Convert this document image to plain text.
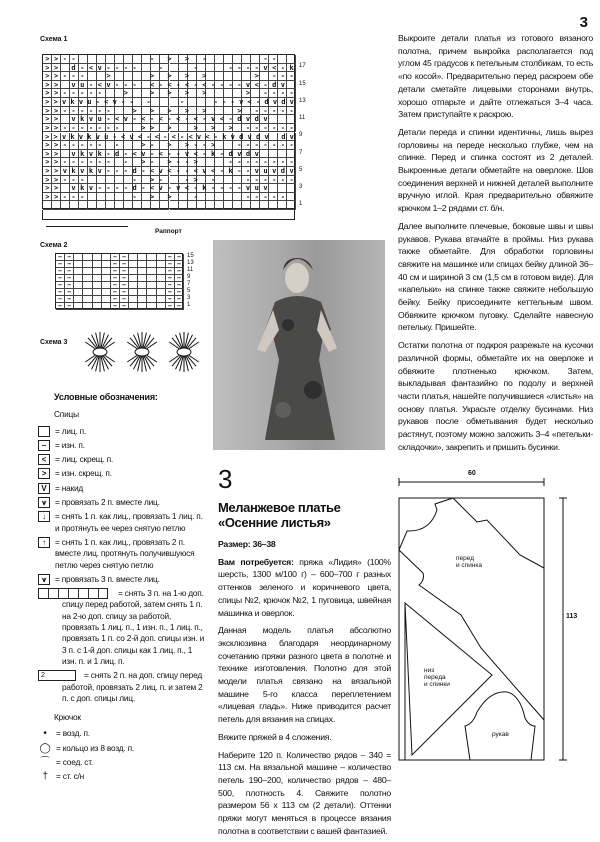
3
Схема 1
>>--        - > > -      --
>> d-<v----  -   -   ----v<-k
>>---  >    > > > >     > ---
>> vu-<v--- <-<-<-<----v<-dv
>>-----  >  > > > >    > ----
>>vkvu-<v-- -   -   ---v<-dvdv
>>------  > > > > >   > -----
>> vkvu-<v-<-<-<-<-v<-dvdv
>>-------  >> >  > > > ------
>>vkvkvu-<v<-<-<-<v<-kvdvdv dv
>>----- -  >- > >-->  -------
>> vkvk-d-<v-<--v<-k-dvdv
>>------ - >- >-->   --------
>>vkvkv---d-<v<--<v<-k--vuvdv
>>---     - >-  -> -   ------
>> vkv----d-<v-v<-k----vuv
>>---     - > >  -     -----

17
15
13
11
9
7
5
3
1
Раппорт
Схема 2
– –	– –	– –
– –	– –	– –
– –	– –	– –
– –	– –	– –
– –	– –	– –
– –	– –	– –
– –	– –	– –
– –	– –	– –
15
13
11
9
7
5
3
1
Схема 3
Условные обозначения:
Спицы
= лиц. п.
–	= изн. п.
<	= лиц. скрещ. п.
>	= изн. скрещ. п.
V	= накид
⩛	= провязать 2 п. вместе лиц.
↓	= снять 1 п. как лиц., провязать 1 лиц. п. и протянуть ее через снятую петлю
↑	= снять 1 п. как лиц., провязать 2 п. вместе лиц. протянуть получившуюся петлю через снятую петлю
⩛	= провязать 3 п. вместе лиц.
= снять 3 п. на 1-ю доп. спицу перед работой, затем снять 1 п. на 2-ю доп. спицу за работой, провязать 1 лиц. п., 1 изн. п., 1 лиц. п., провязать 1 п. со 2-й доп. спицы изн. и 3 п. с 1-й доп. спицы как 1 лиц. п., 1 изн. п. и 1 лиц. п.
2	= снять 2 п. на доп. спицу перед работой, провязать 2 лиц. п. и затем 2 п. с доп. спицы лиц.
Крючок
•	= возд. п.
◯ = кольцо из 8 возд. п.
⌒ = соед. ст.
†	= ст. с/н
3
Меланжевое платье
«Осенние листья»

Размер: 36–38

Вам потребуется: пряжа «Лидия» (100% шерсть, 1300 м/100 г) – 600–700 г разных оттенков зеленого и коричневого цвета, спицы №2, крючок №2, 1 пуговица, швейная машинка и оверлок.

Данная модель платья абсолютно эксклюзивна благодаря неординарному сочетанию пряжи разного цвета в полотне и технике изготовления. Полотно для этой модели платья связано на вязальной машине 5-го класса переплетением «лицевая гладь». Ниже приводится расчет петель для вязания на спицах.

Вяжите пряжей в 4 сложения.

Наберите 120 п. Количество рядов – 340 = 113 см. На вязальной машине – количество петель 190–200, количество рядов – 480–500, плотность 4. Свяжите полотно размером 56 x 113 см (2 детали). Оттенки пряжи могут меняться в процессе вязания полотна в соответствии с вашей фантазией.

Выкроите детали платья из готового вязаного полотна, причем выкройка располагается под углом 45 градусов к петельным столбикам, то есть «по косой». Предварительно перед раскроем обе детали сметайте лицевыми сторонами внутрь, хорошо отпарьте и дайте отлежаться 3–4 часа. Затем приступайте к раскрою.

Детали переда и спинки идентичны, лишь вырез горловины на переде несколько глубже, чем на спинке. Перед и спинка состоят из 2 деталей. Выкроенные детали обметайте на оверлоке. Шов соединения верхней и нижней деталей выполните вручную иглой. Края предварительно обвяжите крючком 1–2 рядами ст. б/н.

Далее выполните плечевые, боковые швы и швы рукавов. Рукава втачайте в проймы. Низ рукава также обметайте. Для обработки горловины свяжите на машинке или спицах бейку длиной 36–40 см и шириной 3 см (1,5 см в готовом виде). Для «капельки» на спинке также свяжите небольшую бейку. Бейку присоедините кеттельным швом. Обвяжите крючком пуговку. Сделайте навесную петельку. Пришейте.

Остатки полотна от подкроя разрежьте на кусочки различной формы, обметайте их на оверлоке и обвяжите плотненько крючком. Затем, выкладывая фантазийно по подолу и верхней части платья, нашейте получившиеся «листья» на основу платья. Украсьте отделку бусинами. Низ рукавов после обметывания будет несколько растянут, поэтому можно заложить 3–4 «петельки-складочки», закрепить и пришить бусинки.

60
113
перед
и спинка
низ
переда
и спинки
рукав
